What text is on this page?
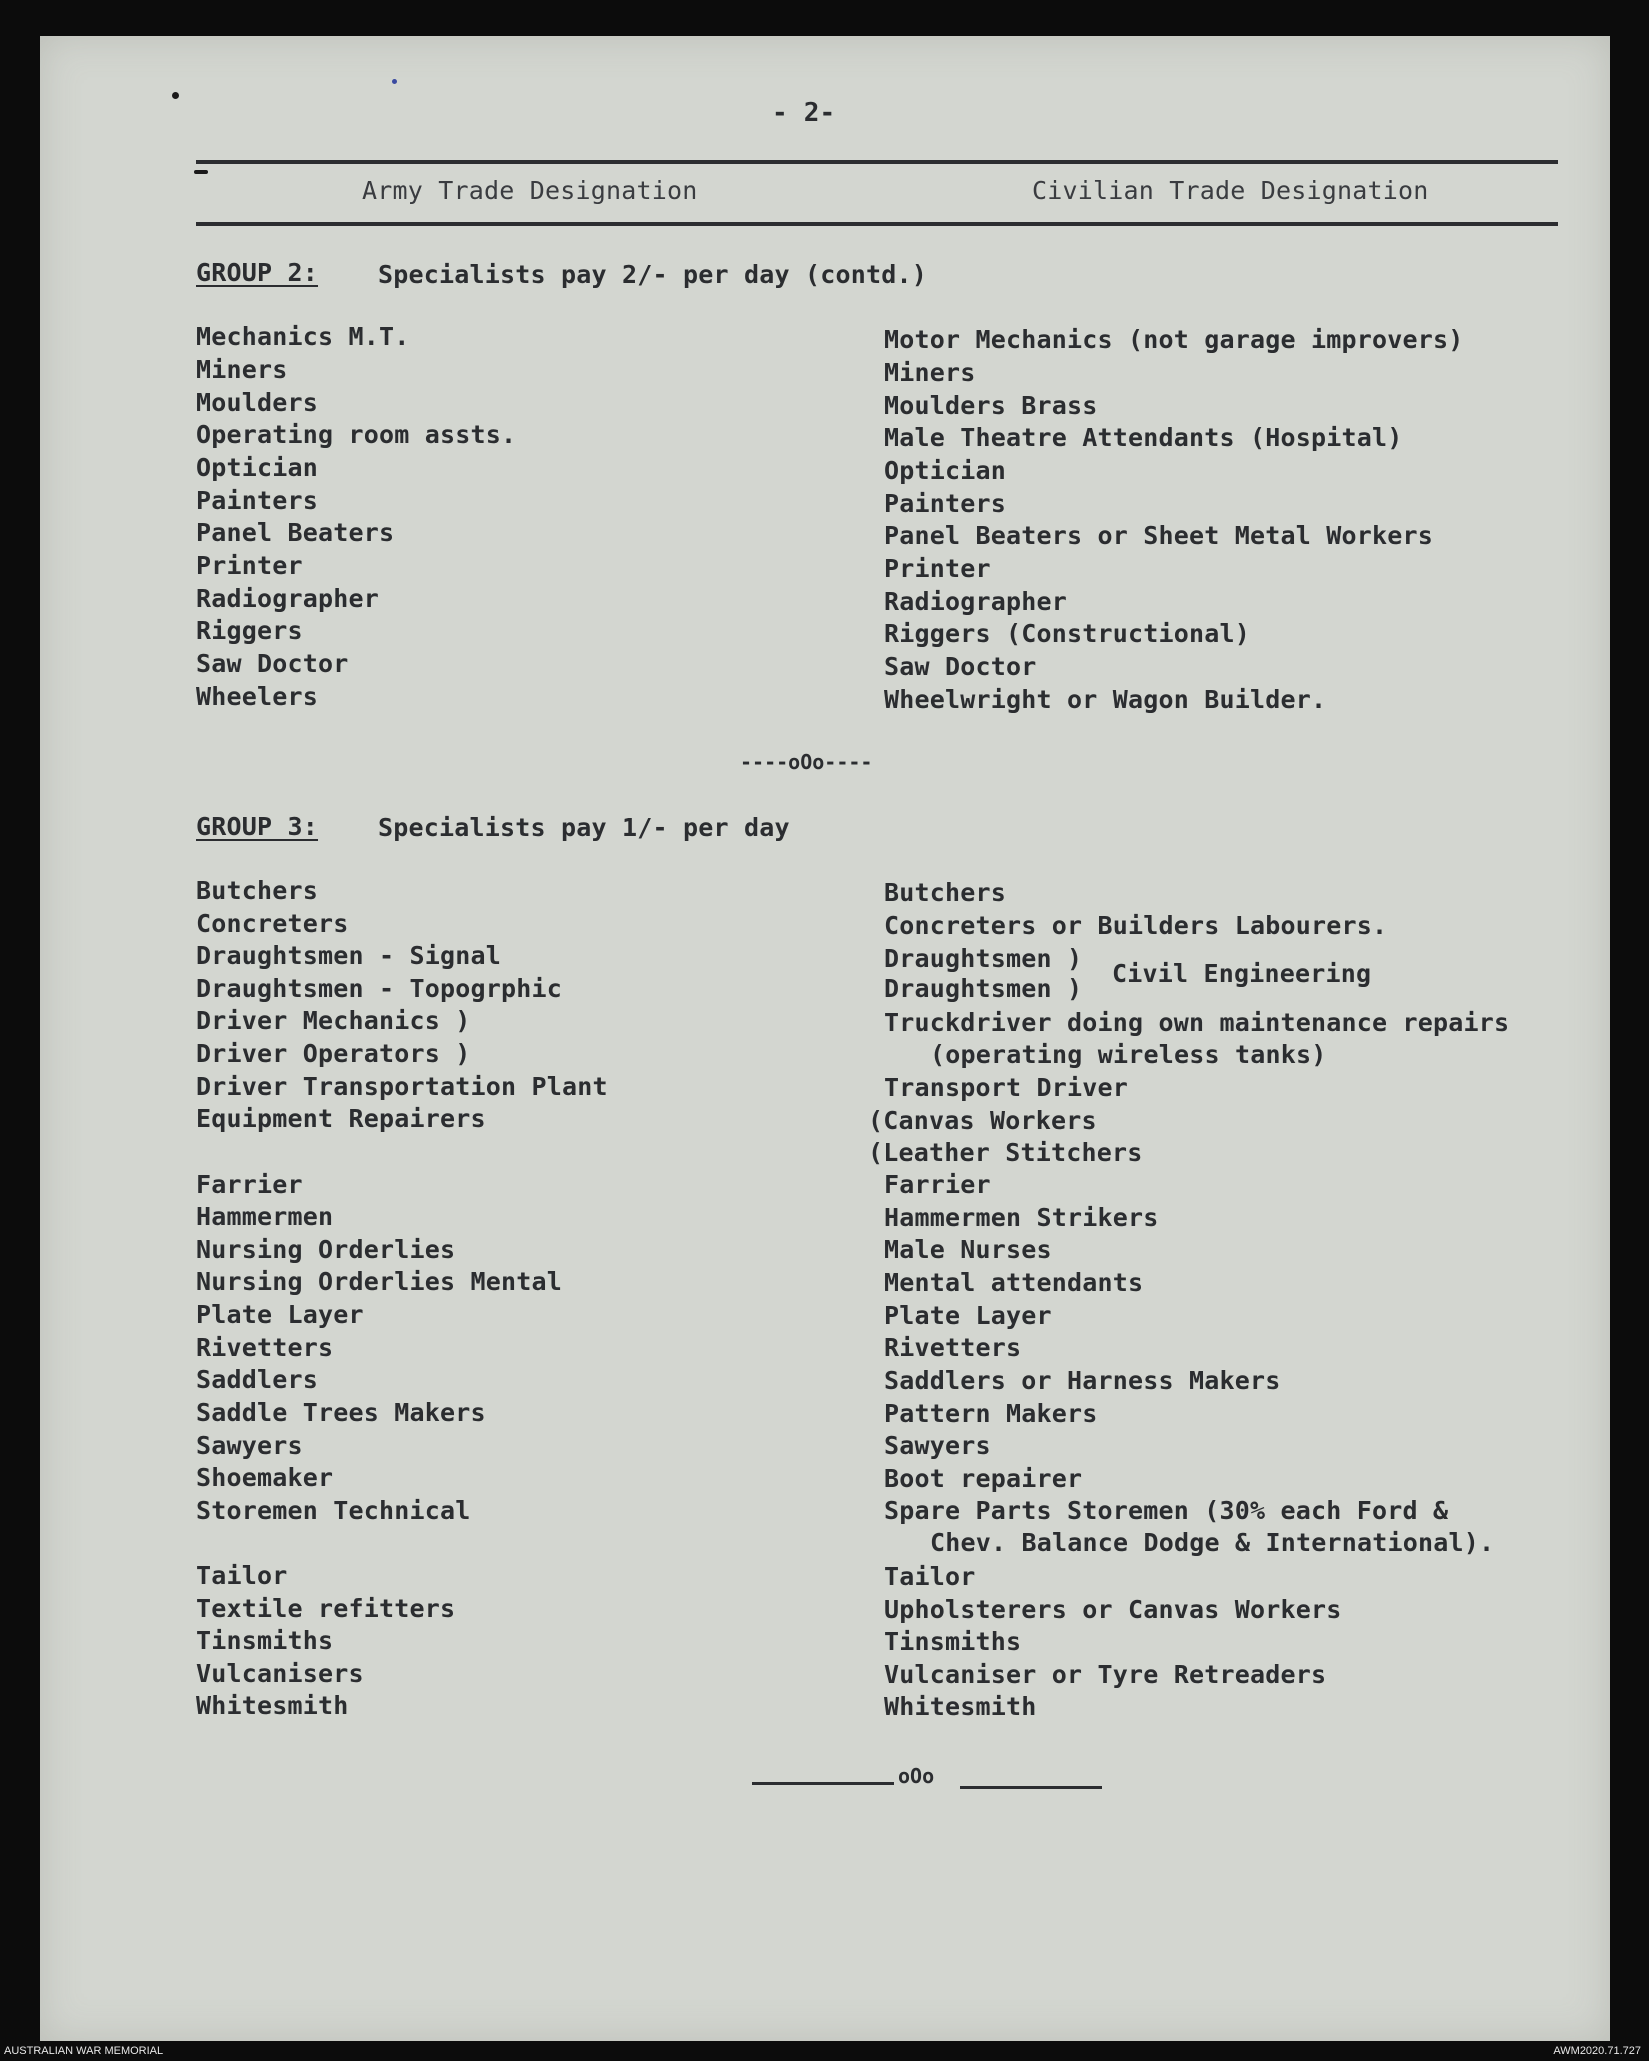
- 2-
Army Trade Designation	Civilian Trade Designation
GROUP 2: Specialists pay 2/- per day (contd.)
Mechanics M.T.
Miners
Moulders
Operating room assts.
Optician
Painters
Panel Beaters
Printer
Radiographer
Riggers
Saw Doctor
Wheelers
Motor Mechanics (not garage improvers)
Miners
Moulders Brass
Male Theatre Attendants (Hospital)
Optician
Painters
Panel Beaters or Sheet Metal Workers
Printer
Radiographer
Riggers (Constructional)
Saw Doctor
Wheelwright or Wagon Builder.
----oOo----
GROUP 3: Specialists pay 1/- per day
Butchers
Concreters
Draughtsmen - Signal
Draughtsmen - Topogrphic
Driver Mechanics )
Driver Operators )
Driver Transportation Plant
Equipment Repairers
Farrier
Hammermen
Nursing Orderlies
Nursing Orderlies Mental
Plate Layer
Rivetters
Saddlers
Saddle Trees Makers
Sawyers
Shoemaker
Storemen Technical
Tailor
Textile refitters
Tinsmiths
Vulcanisers
Whitesmith
Butchers
Concreters or Builders Labourers.
Draughtsmen )
Draughtsmen )
Civil Engineering
Truckdriver doing own maintenance repairs
(operating wireless tanks)
Transport Driver
(Canvas Workers
(Leather Stitchers
Farrier
Hammermen Strikers
Male Nurses
Mental attendants
Plate Layer
Rivetters
Saddlers or Harness Makers
Pattern Makers
Sawyers
Boot repairer
Spare Parts Storemen (30% each Ford &
Chev. Balance Dodge & International).
Tailor
Upholsterers or Canvas Workers
Tinsmiths
Vulcaniser or Tyre Retreaders
Whitesmith
oOo
AUSTRALIAN WAR MEMORIAL	AWM2020.71.727
